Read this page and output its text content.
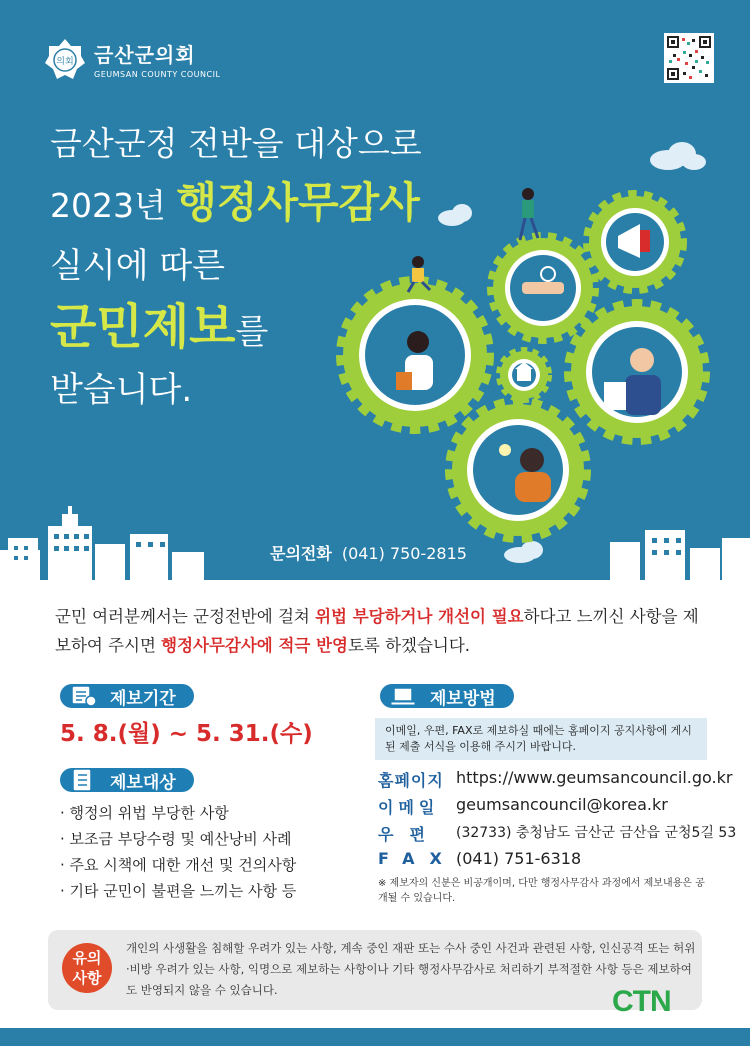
의회 금산군의회
GEUMSAN COUNTY COUNCIL
금산군정 전반을 대상으로
2023년 행정사무감사
실시에 따른
군민제보를
받습니다.
문의전화 (041) 750-2815
군민 여러분께서는 군정전반에 걸쳐 위법 부당하거나 개선이 필요하다고 느끼신 사항을 제보하여 주시면 행정사무감사에 적극 반영토록 하겠습니다.
제보기간
5. 8.(월) ~ 5. 31.(수)
제보대상
· 행정의 위법 부당한 사항
· 보조금 부당수령 및 예산낭비 사례
· 주요 시책에 대한 개선 및 건의사항
· 기타 군민이 불편을 느끼는 사항 등
제보방법
이메일, 우편, FAX로 제보하실 때에는 홈페이지 공지사항에 게시된 제출 서식을 이용해 주시기 바랍니다.
홈페이지 https://www.geumsancouncil.go.kr
이메일	geumsancouncil@korea.kr
우편	(32733) 충청남도 금산군 금산읍 군청5길 53
FAX (041) 751-6318
※ 제보자의 신분은 비공개이며, 다만 행정사무감사 과정에서 제보내용은 공개될 수 있습니다.
유의
사항
개인의 사생활을 침해할 우려가 있는 사항, 계속 중인 재판 또는 수사 중인 사건과 관련된 사항, 인신공격 또는 허위·비방 우려가 있는 사항, 익명으로 제보하는 사항이나 기타 행정사무감사로 처리하기 부적절한 사항 등은 제보하여도 반영되지 않을 수 있습니다.	CTN
